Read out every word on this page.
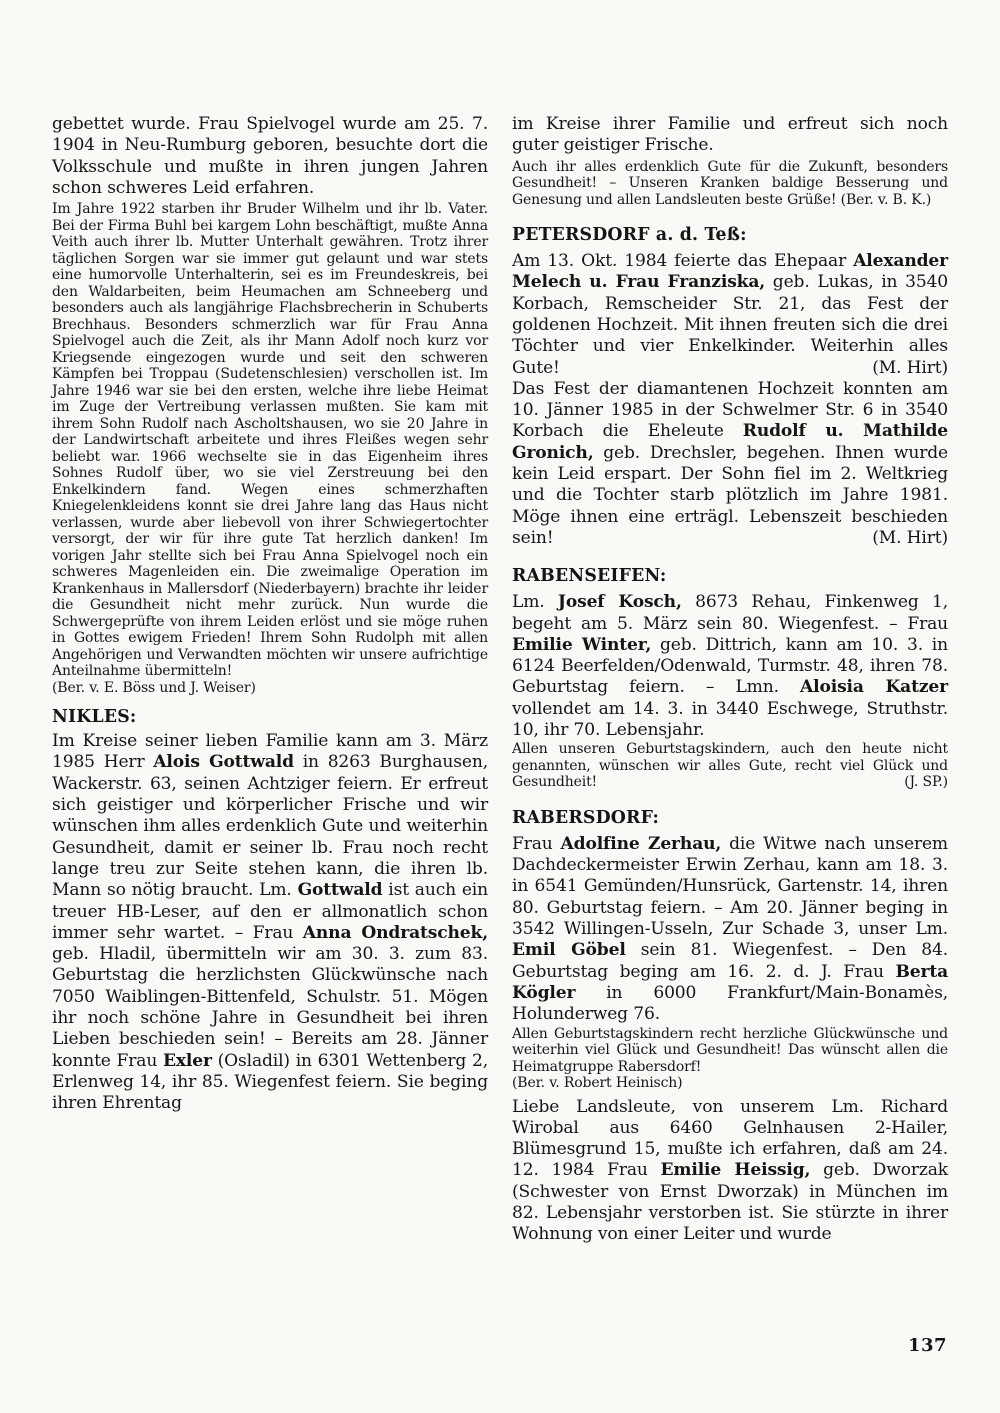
gebettet wurde. Frau Spielvogel wurde am 25. 7. 1904 in Neu-Rumburg geboren, besuchte dort die Volksschule und mußte in ihren jungen Jahren schon schweres Leid erfahren.

Im Jahre 1922 starben ihr Bruder Wilhelm und ihr lb. Vater. Bei der Firma Buhl bei kargem Lohn beschäftigt, mußte Anna Veith auch ihrer lb. Mutter Unterhalt gewähren. Trotz ihrer täglichen Sorgen war sie immer gut gelaunt und war stets eine humorvolle Unterhalterin, sei es im Freundeskreis, bei den Waldarbeiten, beim Heumachen am Schneeberg und besonders auch als langjährige Flachsbrecherin in Schuberts Brechhaus. Besonders schmerzlich war für Frau Anna Spielvogel auch die Zeit, als ihr Mann Adolf noch kurz vor Kriegsende eingezogen wurde und seit den schweren Kämpfen bei Troppau (Sudetenschlesien) verschollen ist. Im Jahre 1946 war sie bei den ersten, welche ihre liebe Heimat im Zuge der Vertreibung verlassen mußten. Sie kam mit ihrem Sohn Rudolf nach Ascholtshausen, wo sie 20 Jahre in der Landwirtschaft arbeitete und ihres Fleißes wegen sehr beliebt war. 1966 wechselte sie in das Eigenheim ihres Sohnes Rudolf über, wo sie viel Zerstreuung bei den Enkelkindern fand. Wegen eines schmerzhaften Kniegelenkleidens konnt sie drei Jahre lang das Haus nicht verlassen, wurde aber liebevoll von ihrer Schwiegertochter versorgt, der wir für ihre gute Tat herzlich danken! Im vorigen Jahr stellte sich bei Frau Anna Spielvogel noch ein schweres Magenleiden ein. Die zweimalige Operation im Krankenhaus in Mallersdorf (Niederbayern) brachte ihr leider die Gesundheit nicht mehr zurück. Nun wurde die Schwergeprüfte von ihrem Leiden erlöst und sie möge ruhen in Gottes ewigem Frieden! Ihrem Sohn Rudolph mit allen Angehörigen und Verwandten möchten wir unsere aufrichtige Anteilnahme übermitteln!

(Ber. v. E. Böss und J. Weiser)

NIKLES:

Im Kreise seiner lieben Familie kann am 3. März 1985 Herr Alois Gottwald in 8263 Burghausen, Wackerstr. 63, seinen Achtziger feiern. Er erfreut sich geistiger und körperlicher Frische und wir wünschen ihm alles erdenklich Gute und weiterhin Gesundheit, damit er seiner lb. Frau noch recht lange treu zur Seite stehen kann, die ihren lb. Mann so nötig braucht. Lm. Gottwald ist auch ein treuer HB-Leser, auf den er allmonatlich schon immer sehr wartet. – Frau Anna Ondratschek, geb. Hladil, übermitteln wir am 30. 3. zum 83. Geburtstag die herzlichsten Glückwünsche nach 7050 Waiblingen-Bittenfeld, Schulstr. 51. Mögen ihr noch schöne Jahre in Gesundheit bei ihren Lieben beschieden sein! – Bereits am 28. Jänner konnte Frau Exler (Osladil) in 6301 Wettenberg 2, Erlenweg 14, ihr 85. Wiegenfest feiern. Sie beging ihren Ehrentag

im Kreise ihrer Familie und erfreut sich noch guter geistiger Frische.

Auch ihr alles erdenklich Gute für die Zukunft, besonders Gesundheit! – Unseren Kranken baldige Besserung und Genesung und allen Landsleuten beste Grüße! (Ber. v. B. K.)

PETERSDORF a. d. Teß:

Am 13. Okt. 1984 feierte das Ehepaar Alexander Melech u. Frau Franziska, geb. Lukas, in 3540 Korbach, Remscheider Str. 21, das Fest der goldenen Hochzeit. Mit ihnen freuten sich die drei Töchter und vier Enkelkinder. Weiterhin alles Gute!	(M. Hirt)

Das Fest der diamantenen Hochzeit konnten am 10. Jänner 1985 in der Schwelmer Str. 6 in 3540 Korbach die Eheleute Rudolf u. Mathilde Gronich, geb. Drechsler, begehen. Ihnen wurde kein Leid erspart. Der Sohn fiel im 2. Weltkrieg und die Tochter starb plötzlich im Jahre 1981. Möge ihnen eine erträgl. Lebenszeit beschieden sein!	(M. Hirt)

RABENSEIFEN:

Lm. Josef Kosch, 8673 Rehau, Finkenweg 1, begeht am 5. März sein 80. Wiegenfest. – Frau Emilie Winter, geb. Dittrich, kann am 10. 3. in 6124 Beerfelden/Odenwald, Turmstr. 48, ihren 78. Geburtstag feiern. – Lmn. Aloisia Katzer vollendet am 14. 3. in 3440 Eschwege, Struthstr. 10, ihr 70. Lebensjahr.

Allen unseren Geburtstagskindern, auch den heute nicht genannten, wünschen wir alles Gute, recht viel Glück und Gesundheit!	(J. SP.)

RABERSDORF:

Frau Adolfine Zerhau, die Witwe nach unserem Dachdeckermeister Erwin Zerhau, kann am 18. 3. in 6541 Gemünden/Hunsrück, Gartenstr. 14, ihren 80. Geburtstag feiern. – Am 20. Jänner beging in 3542 Willingen-Usseln, Zur Schade 3, unser Lm. Emil Göbel sein 81. Wiegenfest. – Den 84. Geburtstag beging am 16. 2. d. J. Frau Berta Kögler in 6000 Frankfurt/Main-Bonamès, Holunderweg 76.

Allen Geburtstagskindern recht herzliche Glückwünsche und weiterhin viel Glück und Gesundheit! Das wünscht allen die Heimatgruppe Rabersdorf!

(Ber. v. Robert Heinisch)

Liebe Landsleute, von unserem Lm. Richard Wirobal aus 6460 Gelnhausen 2-Hailer, Blümesgrund 15, mußte ich erfahren, daß am 24. 12. 1984 Frau Emilie Heissig, geb. Dworzak (Schwester von Ernst Dworzak) in München im 82. Lebensjahr verstorben ist. Sie stürzte in ihrer Wohnung von einer Leiter und wurde

137
